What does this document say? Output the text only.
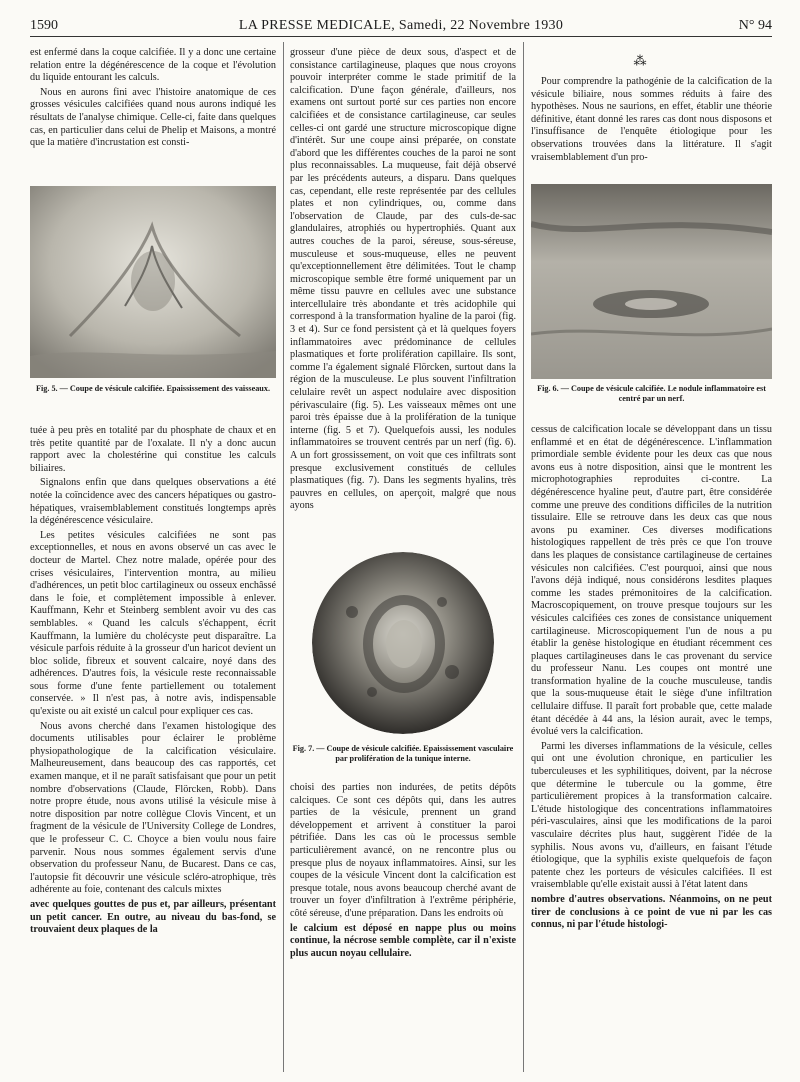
1590	LA PRESSE MEDICALE, Samedi, 22 Novembre 1930	N° 94

est enfermé dans la coque calcifiée. Il y a donc une certaine relation entre la dégénérescence de la coque et l'évolution du liquide entourant les calculs.

Nous en aurons fini avec l'histoire anatomique de ces grosses vésicules calcifiées quand nous aurons indiqué les résultats de l'analyse chimique. Celle-ci, faite dans quelques cas, en particulier dans celui de Phelip et Maisons, a montré que la matière d'incrustation est consti-

Fig. 5. — Coupe de vésicule calcifiée. Epaississement des vaisseaux.

tuée à peu près en totalité par du phosphate de chaux et en très petite quantité par de l'oxalate. Il n'y a donc aucun rapport avec la cholestérine qui constitue les calculs biliaires.

Signalons enfin que dans quelques observations a été notée la coïncidence avec des cancers hépatiques ou gastro-hépatiques, vraisemblablement constitués longtemps après la dégénérescence vésiculaire.

Les petites vésicules calcifiées ne sont pas exceptionnelles, et nous en avons observé un cas avec le docteur de Martel. Chez notre malade, opérée pour des crises vésiculaires, l'intervention montra, au milieu d'adhérences, un petit bloc cartilagineux ou osseux enchâssé dans le foie, et complètement impossible à enlever. Kauffmann, Kehr et Steinberg semblent avoir vu des cas semblables. « Quand les calculs s'échappent, écrit Kauffmann, la lumière du cholécyste peut disparaître. La vésicule parfois réduite à la grosseur d'un haricot devient un bloc solide, fibreux et souvent calcaire, noyé dans des adhérences. D'autres fois, la vésicule reste reconnaissable sous forme d'une fente partiellement ou totalement conservée. » Il n'est pas, à notre avis, indispensable qu'existe ou ait existé un calcul pour expliquer ces cas.

Nous avons cherché dans l'examen histologique des documents utilisables pour éclairer le problème physiopathologique de la calcification vésiculaire. Malheureusement, dans beaucoup des cas rapportés, cet examen manque, et il ne paraît satisfaisant que pour un petit nombre d'observations (Claude, Flörcken, Robb). Dans notre propre étude, nous avons utilisé la vésicule mise à notre disposition par notre collègue Clovis Vincent, et un fragment de la vésicule de l'University College de Londres, que le professeur C. C. Choyce a bien voulu nous faire parvenir. Nous nous sommes également servis d'une observation du professeur Nanu, de Bucarest. Dans ce cas, l'autopsie fit découvrir une vésicule scléro-atrophique, très adhérente au foie, contenant des calculs mixtes

avec quelques gouttes de pus et, par ailleurs, présentant un petit cancer. En outre, au niveau du bas-fond, se trouvaient deux plaques de la

grosseur d'une pièce de deux sous, d'aspect et de consistance cartilagineuse, plaques que nous croyons pouvoir interpréter comme le stade primitif de la calcification. D'une façon générale, d'ailleurs, nos examens ont surtout porté sur ces parties non encore calcifiées et de consistance cartilagineuse, car seules celles-ci ont gardé une structure microscopique digne d'intérêt. Sur une coupe ainsi préparée, on constate d'abord que les différentes couches de la paroi ne sont plus reconnaissables. La muqueuse, fait déjà observé par les précédents auteurs, a disparu. Dans quelques cas, cependant, elle reste représentée par des cellules plates et non cylindriques, ou, comme dans l'observation de Claude, par des culs-de-sac glandulaires, atrophiés ou hypertrophiés. Quant aux autres couches de la paroi, séreuse, sous-séreuse, musculeuse et sous-muqueuse, elles ne peuvent qu'exceptionnellement être délimitées. Tout le champ microscopique semble être formé uniquement par un même tissu pauvre en cellules avec une substance intercellulaire très abondante et très acidophile qui correspond à la transformation hyaline de la paroi (fig. 3 et 4). Sur ce fond persistent çà et là quelques foyers inflammatoires avec prédominance de cellules plasmatiques et forte prolifération capillaire. Ils sont, comme l'a également signalé Flörcken, surtout dans la région de la musculeuse. Le plus souvent l'infiltration celulaire revêt un aspect nodulaire avec disposition périvasculaire (fig. 5). Les vaisseaux mêmes ont une paroi très épaisse due à la prolifération de la tunique interne (fig. 5 et 7). Quelquefois aussi, les nodules inflammatoires se trouvent centrés par un nerf (fig. 6). A un fort grossissement, on voit que ces infiltrats sont presque exclusivement constitués de cellules plasmatiques (fig. 7). Dans les segments hyalins, très pauvres en cellules, on aperçoit, malgré que nous ayons

Fig. 7. — Coupe de vésicule calcifiée. Epaississement vasculaire par prolifération de la tunique interne.

choisi des parties non indurées, de petits dépôts calciques. Ce sont ces dépôts qui, dans les autres parties de la vésicule, prennent un grand développement et arrivent à constituer la paroi pétrifiée. Dans les cas où le processus semble particulièrement avancé, on ne rencontre plus ou presque plus de noyaux inflammatoires. Ainsi, sur les coupes de la vésicule Vincent dont la calcification est presque totale, nous avons beaucoup cherché avant de trouver un foyer d'infiltration à l'extrême périphérie, côté séreuse, d'une préparation. Dans les endroits où

le calcium est déposé en nappe plus ou moins continue, la nécrose semble complète, car il n'existe plus aucun noyau cellulaire.

⁂

Pour comprendre la pathogénie de la calcification de la vésicule biliaire, nous sommes réduits à faire des hypothèses. Nous ne saurions, en effet, établir une théorie définitive, étant donné les rares cas dont nous disposons et l'insuffisance de l'enquête étiologique pour les observations trouvées dans la littérature. Il s'agit vraisemblablement d'un pro-

Fig. 6. — Coupe de vésicule calcifiée. Le nodule inflammatoire est centré par un nerf.

cessus de calcification locale se développant dans un tissu enflammé et en état de dégénérescence. L'inflammation primordiale semble évidente pour les deux cas que nous avons eus à notre disposition, ainsi que le montrent les microphotographies reproduites ci-contre. La dégénérescence hyaline peut, d'autre part, être considérée comme une preuve des conditions difficiles de la nutrition tissulaire. Elle se retrouve dans les deux cas que nous avons pu examiner. Ces diverses modifications histologiques rappellent de très près ce que l'on trouve dans les plaques de consistance cartilagineuse de certaines vésicules non calcifiées. C'est pourquoi, ainsi que nous l'avons déjà indiqué, nous considérons lesdites plaques comme les stades prémonitoires de la calcification. Macroscopiquement, on trouve presque toujours sur les vésicules calcifiées ces zones de consistance uniquement cartilagineuse. Microscopiquement l'un de nous a pu établir la genèse histologique en étudiant récemment ces plaques cartilagineuses dans le cas provenant du service du professeur Nanu. Les coupes ont montré une transformation hyaline de la couche musculeuse, tandis que la sous-muqueuse était le siège d'une infiltration cellulaire diffuse. Il paraît fort probable que, cette malade étant décédée à 44 ans, la lésion aurait, avec le temps, évolué vers la calcification.

Parmi les diverses inflammations de la vésicule, celles qui ont une évolution chronique, en particulier les tuberculeuses et les syphilitiques, doivent, par la nécrose que détermine le tubercule ou la gomme, être particulièrement propices à la transformation calcaire. L'étude histologique des concentrations inflammatoires péri-vasculaires, ainsi que les modifications de la paroi vasculaire décrites plus haut, suggèrent l'idée de la syphilis. Nous avons vu, d'ailleurs, en faisant l'étude étiologique, que la syphilis existe quelquefois de façon patente chez les porteurs de vésicules calcifiées. Il est vraisemblable qu'elle existait aussi à l'état latent dans

nombre d'autres observations. Néanmoins, on ne peut tirer de conclusions à ce point de vue ni par les cas connus, ni par l'étude histologi-
